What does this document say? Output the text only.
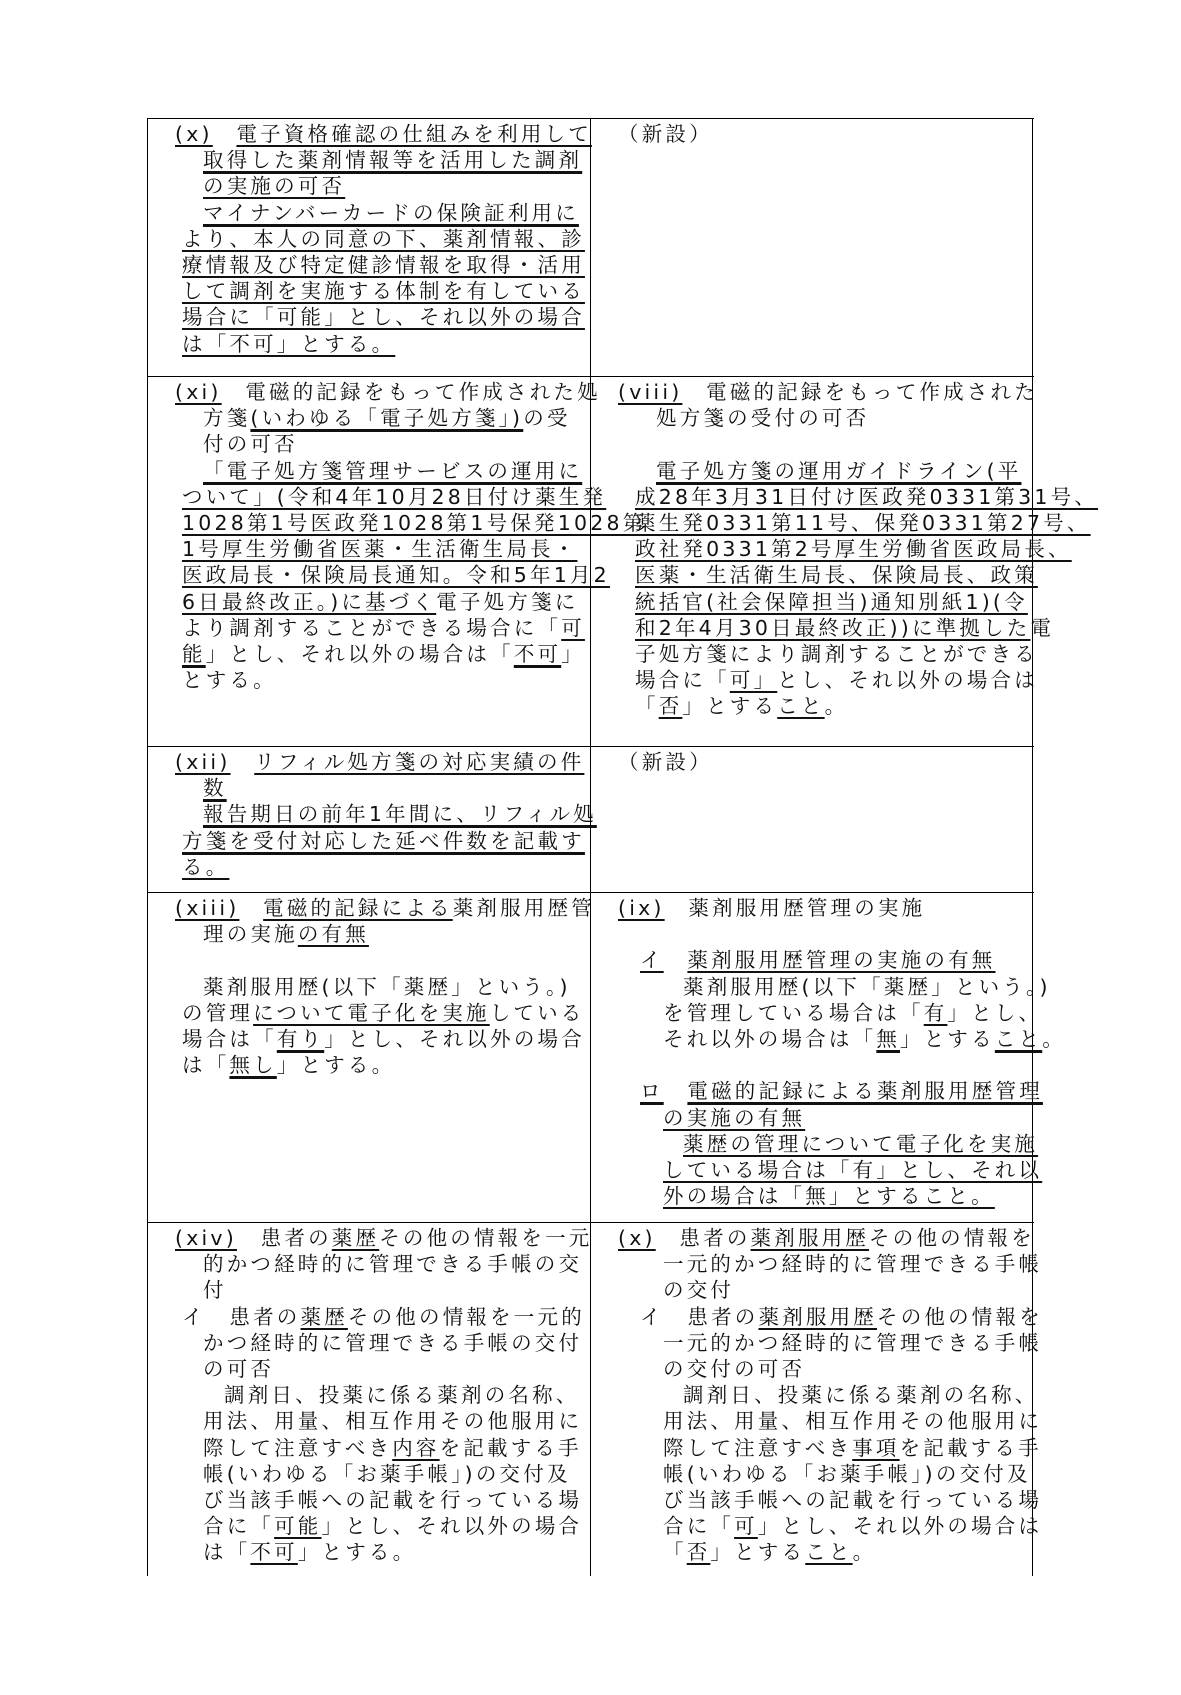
(x)　 電子資格確認の仕組みを利用して
取得した薬剤情報等を活用した調剤
の実施の可否
マイナンバーカードの保険証利用に
より、本人の同意の下、薬剤情報、診
療情報及び特定健診情報を取得・活用
して調剤を実施する体制を有している
場合に「可能」とし、それ以外の場合
は「不可」とする。
（新設）
(xi)　電磁的記録をもって作成された処
方箋(いわゆる「電子処方箋」)の受
付の可否
「電子処方箋管理サービスの運用に
ついて」(令和4年10月28日付け薬生発
1028第1号医政発1028第1号保発1028第
1号厚生労働省医薬・生活衛生局長・
医政局長・保険局長通知。令和5年1月2
6日最終改正。)に基づく電子処方箋に
より調剤することができる場合に「可
能」とし、それ以外の場合は「不可」
とする。
(viii)　電磁的記録をもって作成された
処方箋の受付の可否
電子処方箋の運用ガイドライン(平
成28年3月31日付け医政発0331第31号、
薬生発0331第11号、保発0331第27号、
政社発0331第2号厚生労働省医政局長、
医薬・生活衛生局長、保険局長、政策
統括官(社会保障担当)通知別紙1)(令
和2年4月30日最終改正))に準拠した電
子処方箋により調剤することができる
場合に「可」とし、それ以外の場合は
「否」とすること。
(xii)　 リフィル処方箋の対応実績の件
数
報告期日の前年1年間に、リフィル処
方箋を受付対応した延べ件数を記載す
る。
（新設）
(xiii)　 電磁的記録による薬剤服用歴管
理の実施の有無
薬剤服用歴(以下「薬歴」という。)
の管理について電子化を実施している
場合は「有り」とし、それ以外の場合
は「無し」とする。
(ix)　薬剤服用歴管理の実施
イ　 薬剤服用歴管理の実施の有無
薬剤服用歴(以下「薬歴」という。)
を管理している場合は「有」とし、
それ以外の場合は「無」とすること。
ロ　 電磁的記録による薬剤服用歴管理
の実施の有無
薬歴の管理について電子化を実施
している場合は「有」とし、それ以
外の場合は「無」とすること。
(xiv)　患者の薬歴その他の情報を一元
的かつ経時的に管理できる手帳の交
付
イ　患者の薬歴その他の情報を一元的
かつ経時的に管理できる手帳の交付
の可否
調剤日、投薬に係る薬剤の名称、
用法、用量、相互作用その他服用に
際して注意すべき内容を記載する手
帳(いわゆる「お薬手帳」)の交付及
び当該手帳への記載を行っている場
合に「可能」とし、それ以外の場合
は「不可」とする。
(x)　患者の薬剤服用歴その他の情報を
一元的かつ経時的に管理できる手帳
の交付
イ　患者の薬剤服用歴その他の情報を
一元的かつ経時的に管理できる手帳
の交付の可否
調剤日、投薬に係る薬剤の名称、
用法、用量、相互作用その他服用に
際して注意すべき事項を記載する手
帳(いわゆる「お薬手帳」)の交付及
び当該手帳への記載を行っている場
合に「可」とし、それ以外の場合は
「否」とすること。
